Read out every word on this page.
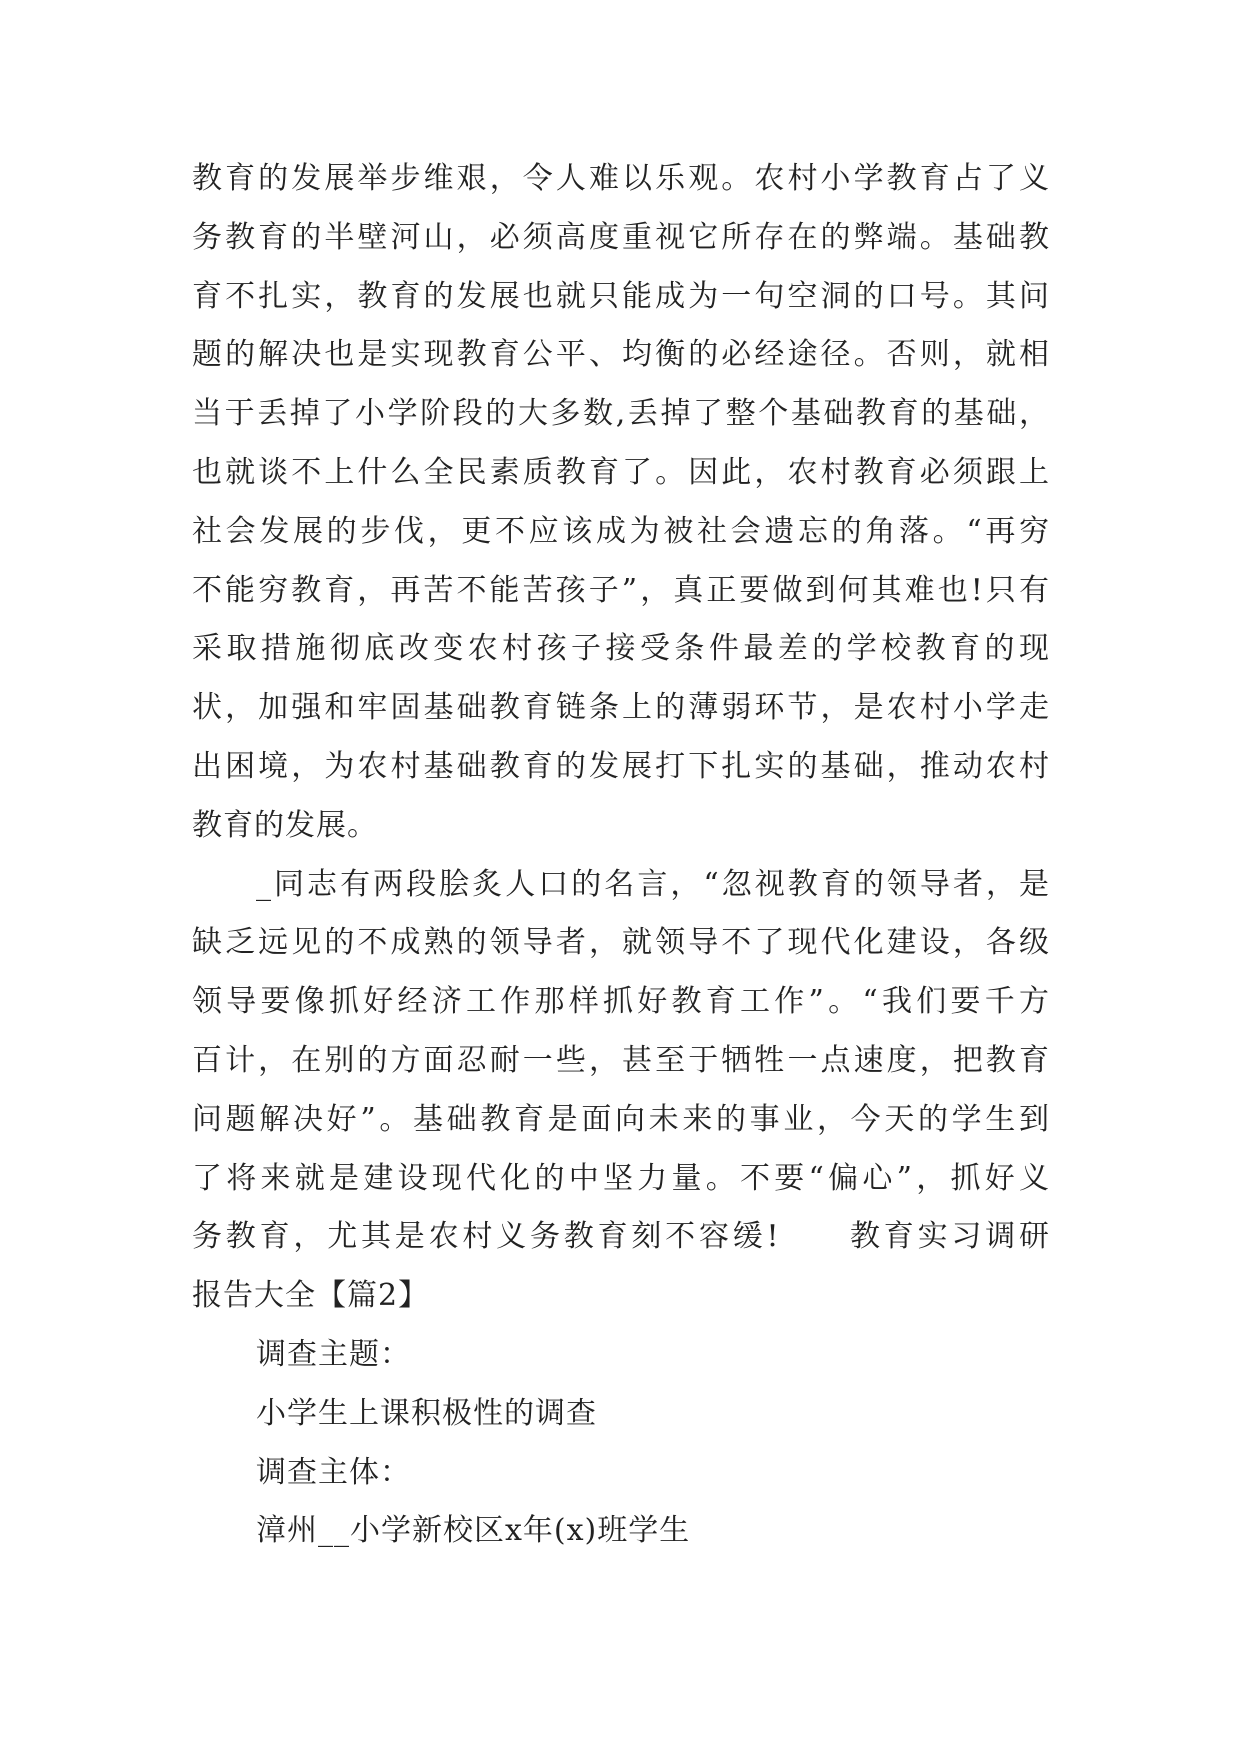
教育的发展举步维艰，令人难以乐观。农村小学教育占了义
务教育的半壁河山，必须高度重视它所存在的弊端。基础教
育不扎实，教育的发展也就只能成为一句空洞的口号。其问
题的解决也是实现教育公平、均衡的必经途径。否则，就相
当于丢掉了小学阶段的大多数,丢掉了整个基础教育的基础，
也就谈不上什么全民素质教育了。因此，农村教育必须跟上
社会发展的步伐，更不应该成为被社会遗忘的角落。“再穷
不能穷教育，再苦不能苦孩子”，真正要做到何其难也!只有
采取措施彻底改变农村孩子接受条件最差的学校教育的现
状，加强和牢固基础教育链条上的薄弱环节，是农村小学走
出困境，为农村基础教育的发展打下扎实的基础，推动农村
教育的发展。
_同志有两段脍炙人口的名言，“忽视教育的领导者，是
缺乏远见的不成熟的领导者，就领导不了现代化建设，各级
领导要像抓好经济工作那样抓好教育工作”。“我们要千方
百计，在别的方面忍耐一些，甚至于牺牲一点速度，把教育
问题解决好”。基础教育是面向未来的事业，今天的学生到
了将来就是建设现代化的中坚力量。不要“偏心”，抓好义
务教育，尤其是农村义务教育刻不容缓!　　教育实习调研
报告大全【篇2】
调查主题：
小学生上课积极性的调查
调查主体：
漳州__小学新校区x年(x)班学生
